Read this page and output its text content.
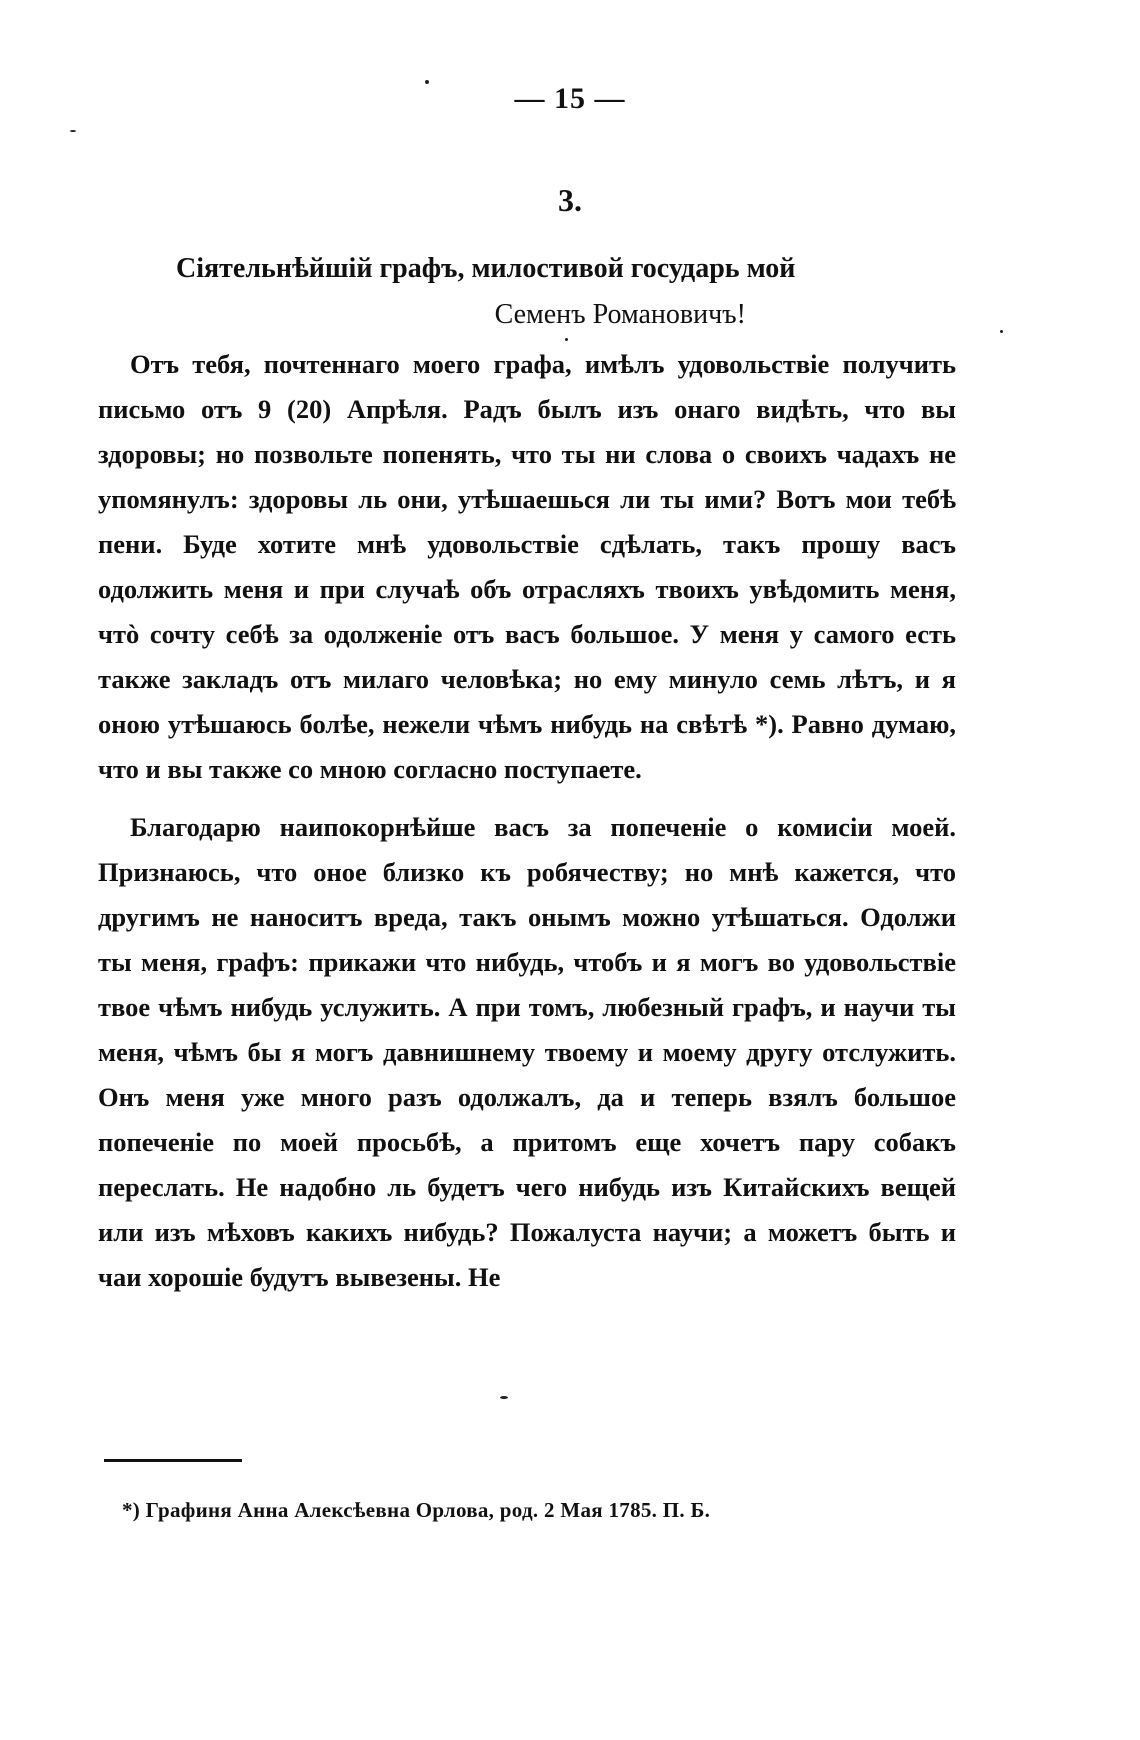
— 15 —
3.
Сіятельнѣйшій графъ, милостивой государь мой
Семенъ Романовичъ!

Отъ тебя, почтеннаго моего графа, имѣлъ удовольствіе получить письмо отъ 9 (20) Апрѣля. Радъ былъ изъ онаго видѣть, что вы здоровы; но позвольте попенять, что ты ни слова о своихъ чадахъ не упомянулъ: здоровы ль они, утѣшаешься ли ты ими? Вотъ мои тебѣ пени. Буде хотите мнѣ удовольствіе сдѣлать, такъ прошу васъ одолжить меня и при случаѣ объ отрасляхъ твоихъ увѣдомить меня, чтò сочту себѣ за одолженіе отъ васъ большое. У меня у самого есть также закладъ отъ милаго человѣка; но ему минуло семь лѣтъ, и я оною утѣшаюсь болѣе, нежели чѣмъ нибудь на свѣтѣ *). Равно думаю, что и вы также со мною согласно поступаете.

Благодарю наипокорнѣйше васъ за попеченіе о комисіи моей. Признаюсь, что оное близко къ робячеству; но мнѣ кажется, что другимъ не наноситъ вреда, такъ онымъ можно утѣшаться. Одолжи ты меня, графъ: прикажи что нибудь, чтобъ и я могъ во удовольствіе твое чѣмъ нибудь услужить. А при томъ, любезный графъ, и научи ты меня, чѣмъ бы я могъ давнишнему твоему и моему другу отслужить. Онъ меня уже много разъ одолжалъ, да и теперь взялъ большое попеченіе по моей просьбѣ, а притомъ еще хочетъ пару собакъ переслать. Не надобно ль будетъ чего нибудь изъ Китайскихъ вещей или изъ мѣховъ какихъ нибудь? Пожалуста научи; а можетъ быть и чаи хорошіе будутъ вывезены. Не

*) Графиня Анна Алексѣевна Орлова, род. 2 Мая 1785. П. Б.
